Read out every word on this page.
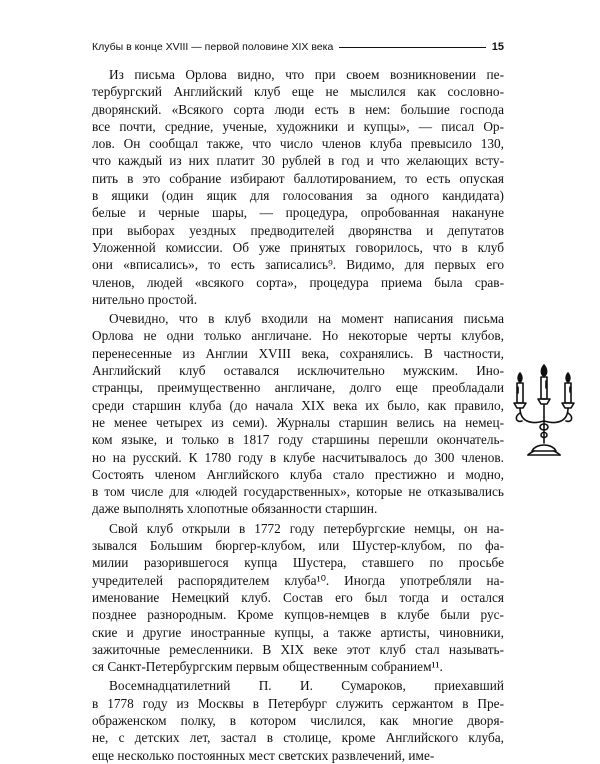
Клубы в конце XVIII — первой половине XIX века	15
Из письма Орлова видно, что при своем возникновении пе-
тербургский Английский клуб еще не мыслился как сословно-
дворянский. «Всякого сорта люди есть в нем: большие господа
все почти, средние, ученые, художники и купцы», — писал Ор-
лов. Он сообщал также, что число членов клуба превысило 130,
что каждый из них платит 30 рублей в год и что желающих всту-
пить в это собрание избирают баллотированием, то есть опуская
в ящики (один ящик для голосования за одного кандидата)
белые и черные шары, — процедура, опробованная накануне
при выборах уездных предводителей дворянства и депутатов
Уложенной комиссии. Об уже принятых говорилось, что в клуб
они «вписались», то есть записались⁹. Видимо, для первых его
членов, людей «всякого сорта», процедура приема была срав-
нительно простой.
Очевидно, что в клуб входили на момент написания письма
Орлова не одни только англичане. Но некоторые черты клубов,
перенесенные из Англии XVIII века, сохранялись. В частности,
Английский клуб оставался исключительно мужским. Ино-
странцы, преимущественно англичане, долго еще преобладали
среди старшин клуба (до начала XIX века их было, как правило,
не менее четырех из семи). Журналы старшин велись на немец-
ком языке, и только в 1817 году старшины перешли окончатель-
но на русский. К 1780 году в клубе насчитывалось до 300 членов.
Состоять членом Английского клуба стало престижно и модно,
в том числе для «людей государственных», которые не отказывались
даже выполнять хлопотные обязанности старшин.
Свой клуб открыли в 1772 году петербургские немцы, он на-
зывался Большим бюргер-клубом, или Шустер-клубом, по фа-
милии разорившегося купца Шустера, ставшего по просьбе
учредителей распорядителем клуба¹⁰. Иногда употребляли на-
именование Немецкий клуб. Состав его был тогда и остался
позднее разнородным. Кроме купцов-немцев в клубе были рус-
ские и другие иностранные купцы, а также артисты, чиновники,
зажиточные ремесленники. В XIX веке этот клуб стал называть-
ся Санкт-Петербургским первым общественным собранием¹¹.
Восемнадцатилетний П. И. Сумароков, приехавший
в 1778 году из Москвы в Петербург служить сержантом в Пре-
ображенском полку, в котором числился, как многие дворя-
не, с детских лет, застал в столице, кроме Английского клуба,
еще несколько постоянных мест светских развлечений, име-
